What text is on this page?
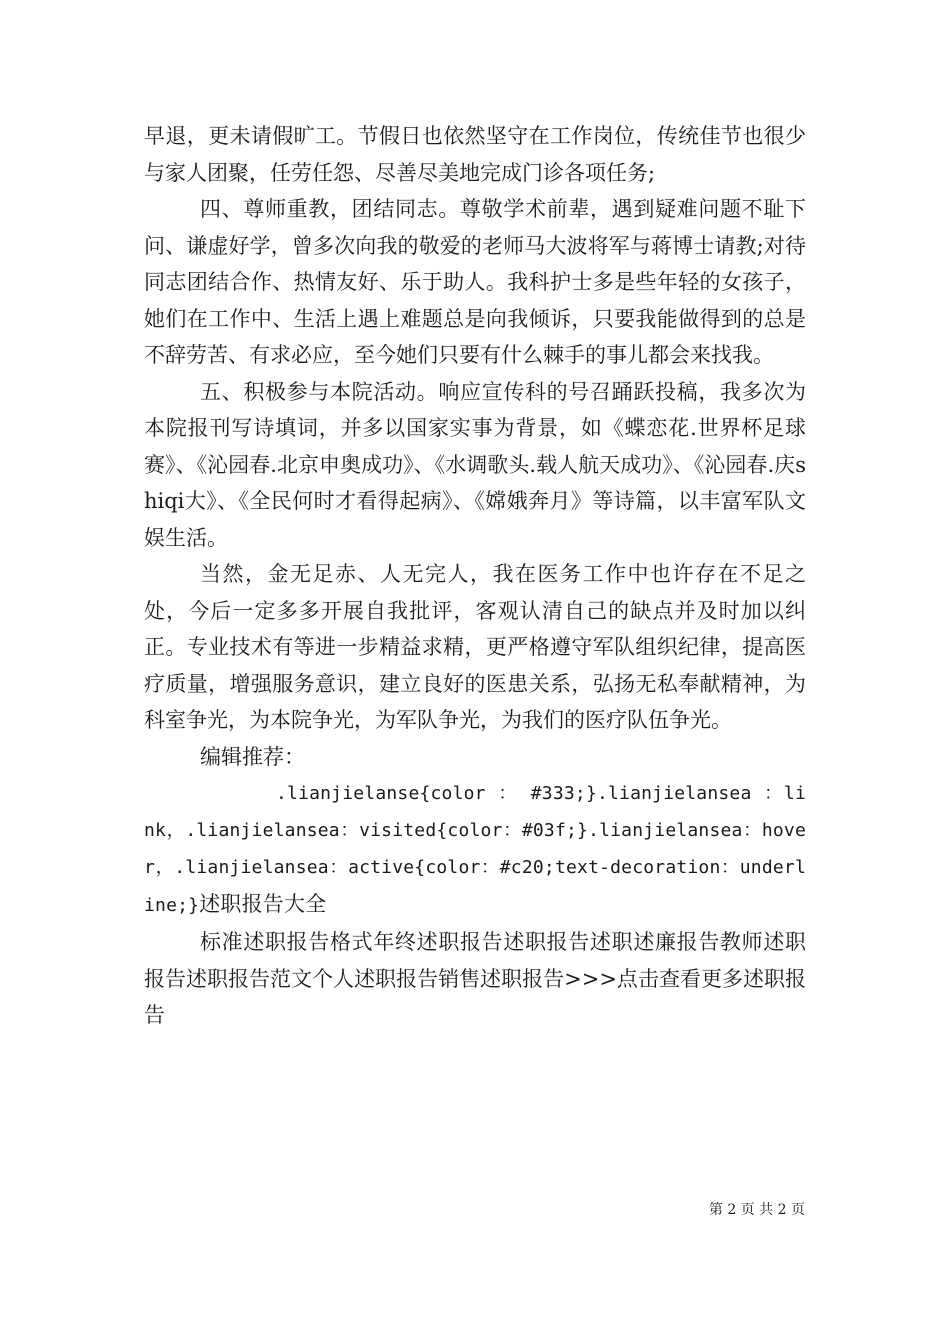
早退，更未请假旷工。节假日也依然坚守在工作岗位，传统佳节也很少与家人团聚，任劳任怨、尽善尽美地完成门诊各项任务;

四、尊师重教，团结同志。尊敬学术前辈，遇到疑难问题不耻下问、谦虚好学，曾多次向我的敬爱的老师马大波将军与蒋博士请教;对待同志团结合作、热情友好、乐于助人。我科护士多是些年轻的女孩子，她们在工作中、生活上遇上难题总是向我倾诉，只要我能做得到的总是不辞劳苦、有求必应，至今她们只要有什么棘手的事儿都会来找我。

五、积极参与本院活动。响应宣传科的号召踊跃投稿，我多次为本院报刊写诗填词，并多以国家实事为背景，如《蝶恋花.世界杯足球赛》、《沁园春.北京申奥成功》、《水调歌头.载人航天成功》、《沁园春.庆shiqi大》、《全民何时才看得起病》、《嫦娥奔月》等诗篇，以丰富军队文娱生活。

当然，金无足赤、人无完人，我在医务工作中也许存在不足之处，今后一定多多开展自我批评，客观认清自己的缺点并及时加以纠正。专业技术有等进一步精益求精，更严格遵守军队组织纪律，提高医疗质量，增强服务意识，建立良好的医患关系，弘扬无私奉献精神，为科室争光，为本院争光，为军队争光，为我们的医疗队伍争光。

编辑推荐：

.lianjielanse{color ： #333;}.lianjielansea ：link，.lianjielansea：visited{color：#03f;}.lianjielansea：hover，.lianjielansea：active{color：#c20;text-decoration：underline;}述职报告大全

标准述职报告格式年终述职报告述职报告述职述廉报告教师述职报告述职报告范文个人述职报告销售述职报告>>>点击查看更多述职报告

第 2 页 共 2 页
